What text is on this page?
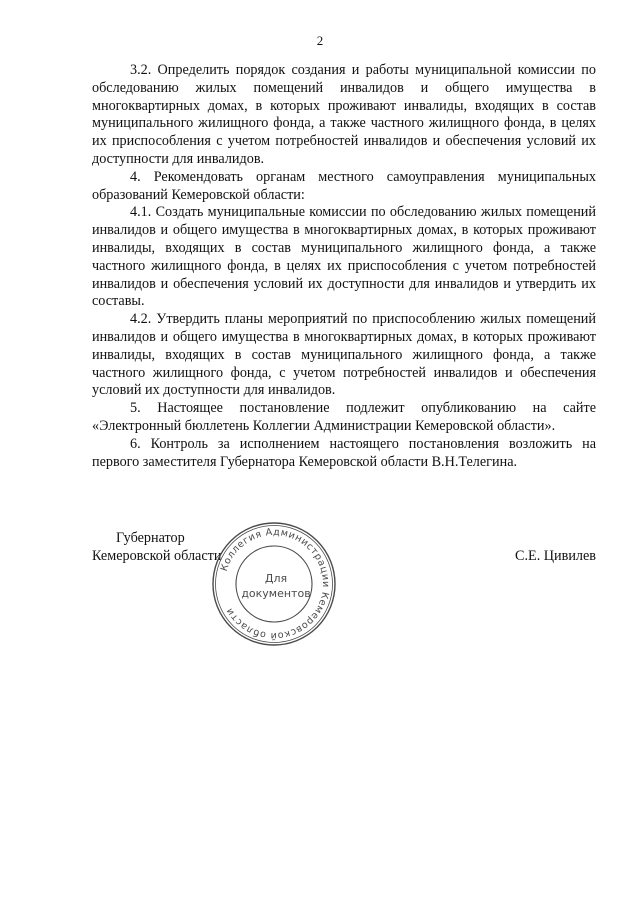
2

3.2. Определить порядок создания и работы муниципальной комиссии по обследованию жилых помещений инвалидов и общего имущества в многоквартирных домах, в которых проживают инвалиды, входящих в состав муниципального жилищного фонда, а также частного жилищного фонда, в целях их приспособления с учетом потребностей инвалидов и обеспечения условий их доступности для инвалидов.

4. Рекомендовать органам местного самоуправления муниципальных образований Кемеровской области:

4.1. Создать муниципальные комиссии по обследованию жилых помещений инвалидов и общего имущества в многоквартирных домах, в которых проживают инвалиды, входящих в состав муниципального жилищного фонда, а также частного жилищного фонда, в целях их приспособления с учетом потребностей инвалидов и обеспечения условий их доступности для инвалидов и утвердить их составы.

4.2. Утвердить планы мероприятий по приспособлению жилых помещений инвалидов и общего имущества в многоквартирных домах, в которых проживают инвалиды, входящих в состав муниципального жилищного фонда, а также частного жилищного фонда, с учетом потребностей инвалидов и обеспечения условий их доступности для инвалидов.

5. Настоящее постановление подлежит опубликованию на сайте «Электронный бюллетень Коллегии Администрации Кемеровской области».

6. Контроль за исполнением настоящего постановления возложить на первого заместителя Губернатора Кемеровской области В.Н.Телегина.

Губернатор
Кемеровской области	С.Е. Цивилев
Коллегия Администрации Кемеровской области
Для
документов
